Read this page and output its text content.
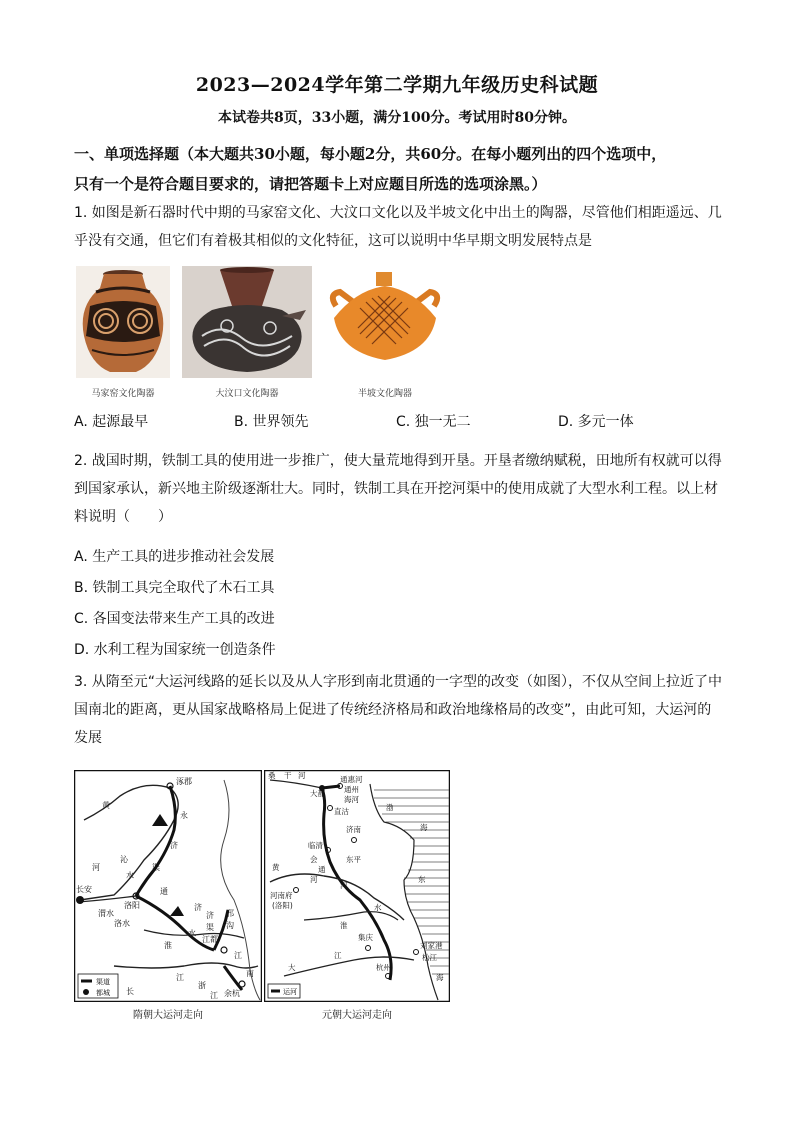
2023—2024学年第二学期九年级历史科试题
本试卷共8页，33小题，满分100分。考试用时80分钟。
一、单项选择题（本大题共30小题，每小题2分，共60分。在每小题列出的四个选项中，
只有一个是符合题目要求的，请把答题卡上对应题目所选的选项涂黑。）
1. 如图是新石器时代中期的马家窑文化、大汶口文化以及半坡文化中出土的陶器，尽管他们相距遥远、几
乎没有交通，但它们有着极其相似的文化特征，这可以说明中华早期文明发展特点是
马家窑文化陶器	大汶口文化陶器	半坡文化陶器
A. 起源最早	B. 世界领先	C. 独一无二	D. 多元一体
2. 战国时期，铁制工具的使用进一步推广，使大量荒地得到开垦。开垦者缴纳赋税，田地所有权就可以得
到国家承认，新兴地主阶级逐渐壮大。同时，铁制工具在开挖河渠中的使用成就了大型水利工程。以上材
料说明（　　）
A. 生产工具的进步推动社会发展
B. 铁制工具完全取代了木石工具
C. 各国变法带来生产工具的改进
D. 水利工程为国家统一创造条件
3. 从隋至元“大运河线路的延长以及从人字形到南北贯通的一字型的改变（如图），不仅从空间上拉近了中
国南北的距离，更从国家战略格局上促进了传统经济格局和政治地缘格局的改变”，由此可知，大运河的
发展
渠道
都城
涿郡
黄
河
永
济
渠
沁
水
长安	通
济
洛阳
渭水
洛水
济
渠
淮
水
邗
沟
江都
长
江
江
南
余杭
浙
江	运河
桑 干 河
大都
通惠河
通州
海河
直沽	渤
海
临清
会
通
河
济南
东平
黄
河
河南府
(洛阳)
淮
水
东
集庆
江
杭州
大
刘家港
松江
海
隋朝大运河走向	元朝大运河走向
